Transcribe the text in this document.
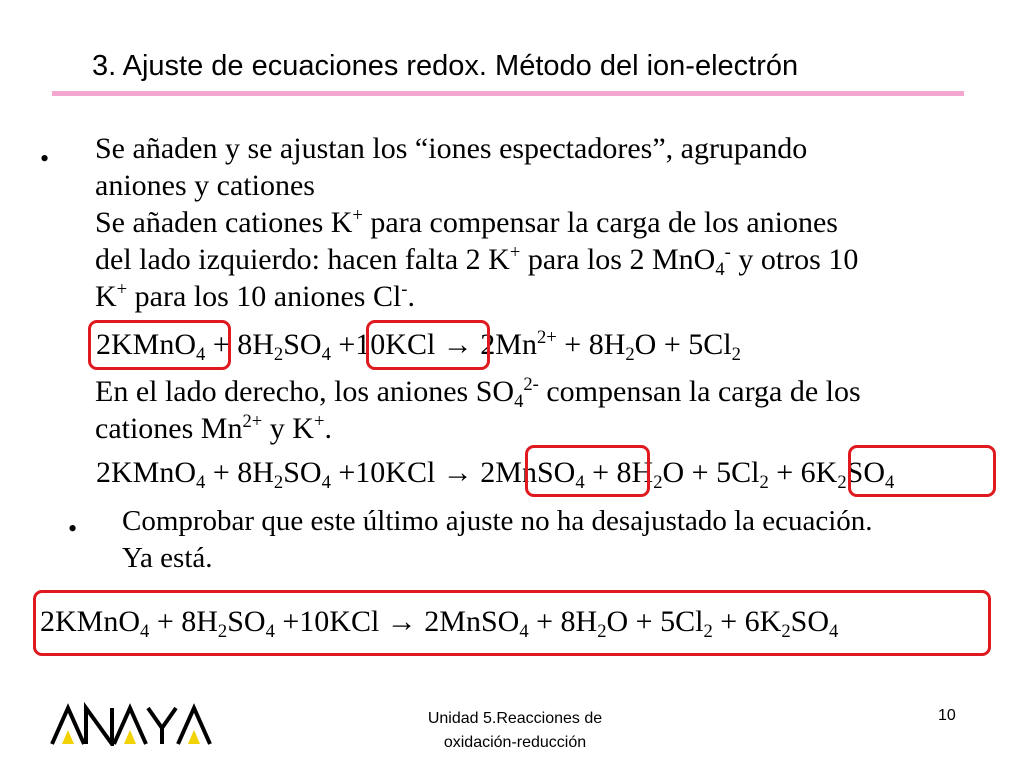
3. Ajuste de ecuaciones redox. Método del ion-electrón
• Se añaden y se ajustan los “iones espectadores”, agrupando
aniones y cationes
Se añaden cationes K+ para compensar la carga de los aniones
del lado izquierdo: hacen falta 2 K+ para los 2 MnO$_4$- y otros 10
K+ para los 10 aniones Cl-.
2KMnO$_4$ + $8H_2SO_4 +10KCl \to 2Mn^{2+} + 8H_2O + 5Cl_2$
En el lado derecho, los aniones $SO_4^{2-}$ compensan la carga de los
cationes $Mn^{2+}$ y K+.
2KMnO$_4$ + $8H_2SO_4 +10KCl$ → 2MnSO$_4$ + $8H_2O + 5Cl_2 + 6K_2SO_4$
• Comprobar que este último ajuste no ha desajustado la ecuación.
Ya está.
2KMnO$_4$ + $8H_2SO_4 +10KCl$ → 2MnSO$_4$ + $8H_2O + 5Cl_2 + 6K_2SO_4$
Unidad 5.Reacciones de
oxidación-reducción
10
